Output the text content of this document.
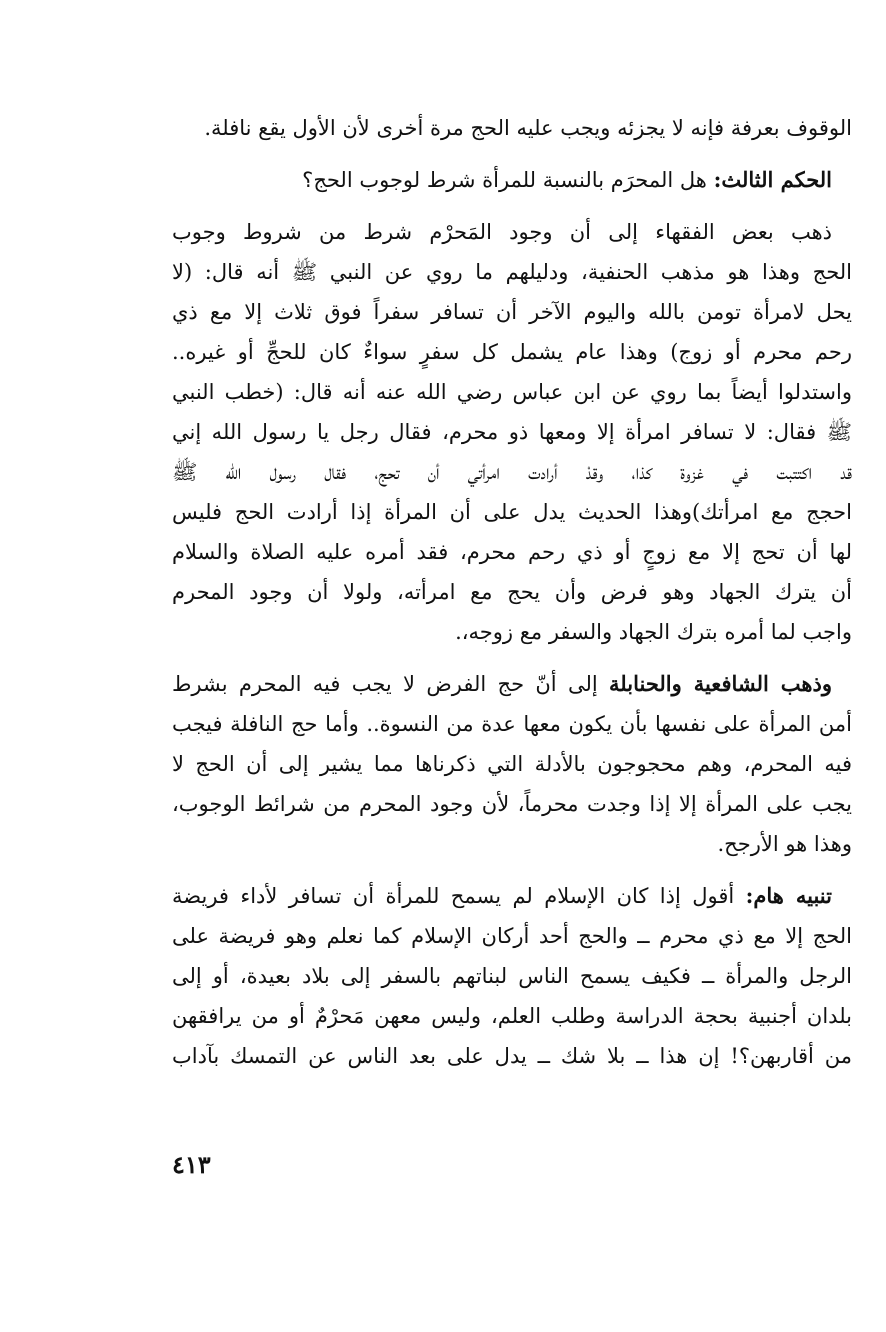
الوقوف بعرفة فإنه لا يجزئه ويجب عليه الحج مرة أخرى لأن الأول يقع نافلة.

الحكم الثالث: هل المحرَم بالنسبة للمرأة شرط لوجوب الحج؟

ذهب بعض الفقهاء إلى أن وجود المَحرْم شرط من شروط وجوب
الحج وهذا هو مذهب الحنفية، ودليلهم ما روي عن النبي ﷺ أنه قال: (لا
يحل لامرأة تومن بالله واليوم الآخر أن تسافر سفراً فوق ثلاث إلا مع ذي
رحم محرم أو زوج) وهذا عام يشمل كل سفرٍ سواءٌ كان للحجِّ أو غيره..
واستدلوا أيضاً بما روي عن ابن عباس رضي الله عنه أنه قال: (خطب النبي
ﷺ فقال: لا تسافر امرأة إلا ومعها ذو محرم، فقال رجل يا رسول الله إني
قد اكتتبت في غزوة كذا، وقدْ أرادت امرأتي أن تحج، فقال رسول الله ﷺ
احجج مع امرأتك)وهذا الحديث يدل على أن المرأة إذا أرادت الحج فليس
لها أن تحج إلا مع زوجٍ أو ذي رحم محرم، فقد أمره عليه الصلاة والسلام
أن يترك الجهاد وهو فرض وأن يحج مع امرأته، ولولا أن وجود المحرم
واجب لما أمره بترك الجهاد والسفر مع زوجه،.

وذهب الشافعية والحنابلة إلى أنّ حج الفرض لا يجب فيه المحرم بشرط
أمن المرأة على نفسها بأن يكون معها عدة من النسوة.. وأما حج النافلة فيجب
فيه المحرم، وهم محجوجون بالأدلة التي ذكرناها مما يشير إلى أن الحج لا
يجب على المرأة إلا إذا وجدت محرماً، لأن وجود المحرم من شرائط الوجوب،
وهذا هو الأرجح.

تنبيه هام: أقول إذا كان الإسلام لم يسمح للمرأة أن تسافر لأداء فريضة
الحج إلا مع ذي محرم ــ والحج أحد أركان الإسلام كما نعلم وهو فريضة على
الرجل والمرأة ــ فكيف يسمح الناس لبناتهم بالسفر إلى بلاد بعيدة، أو إلى
بلدان أجنبية بحجة الدراسة وطلب العلم، وليس معهن مَحرْمٌ أو من يرافقهن
من أقاربهن؟! إن هذا ــ بلا شك ــ يدل على بعد الناس عن التمسك بآداب

٤١٣
